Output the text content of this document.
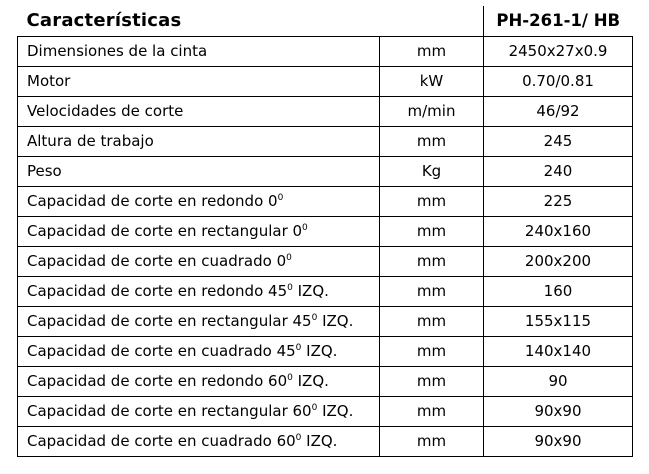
Características		PH-261-1/ HB
Dimensiones de la cinta	mm	2450x27x0.9
Motor	kW	0.70/0.81
Velocidades de corte	m/min	46/92
Altura de trabajo	mm	245
Peso	Kg	240
Capacidad de corte en redondo $0^0$	mm	225
Capacidad de corte en rectangular $0^0$	mm	240x160
Capacidad de corte en cuadrado $0^0$	mm	200x200
Capacidad de corte en redondo $45^0$ IZQ.	mm	160
Capacidad de corte en rectangular $45^0$ IZQ.	mm	155x115
Capacidad de corte en cuadrado $45^0$ IZQ.	mm	140x140
Capacidad de corte en redondo $60^0$ IZQ.	mm	90
Capacidad de corte en rectangular $60^0$ IZQ.	mm	90x90
Capacidad de corte en cuadrado $60^0$ IZQ.	mm	90x90
